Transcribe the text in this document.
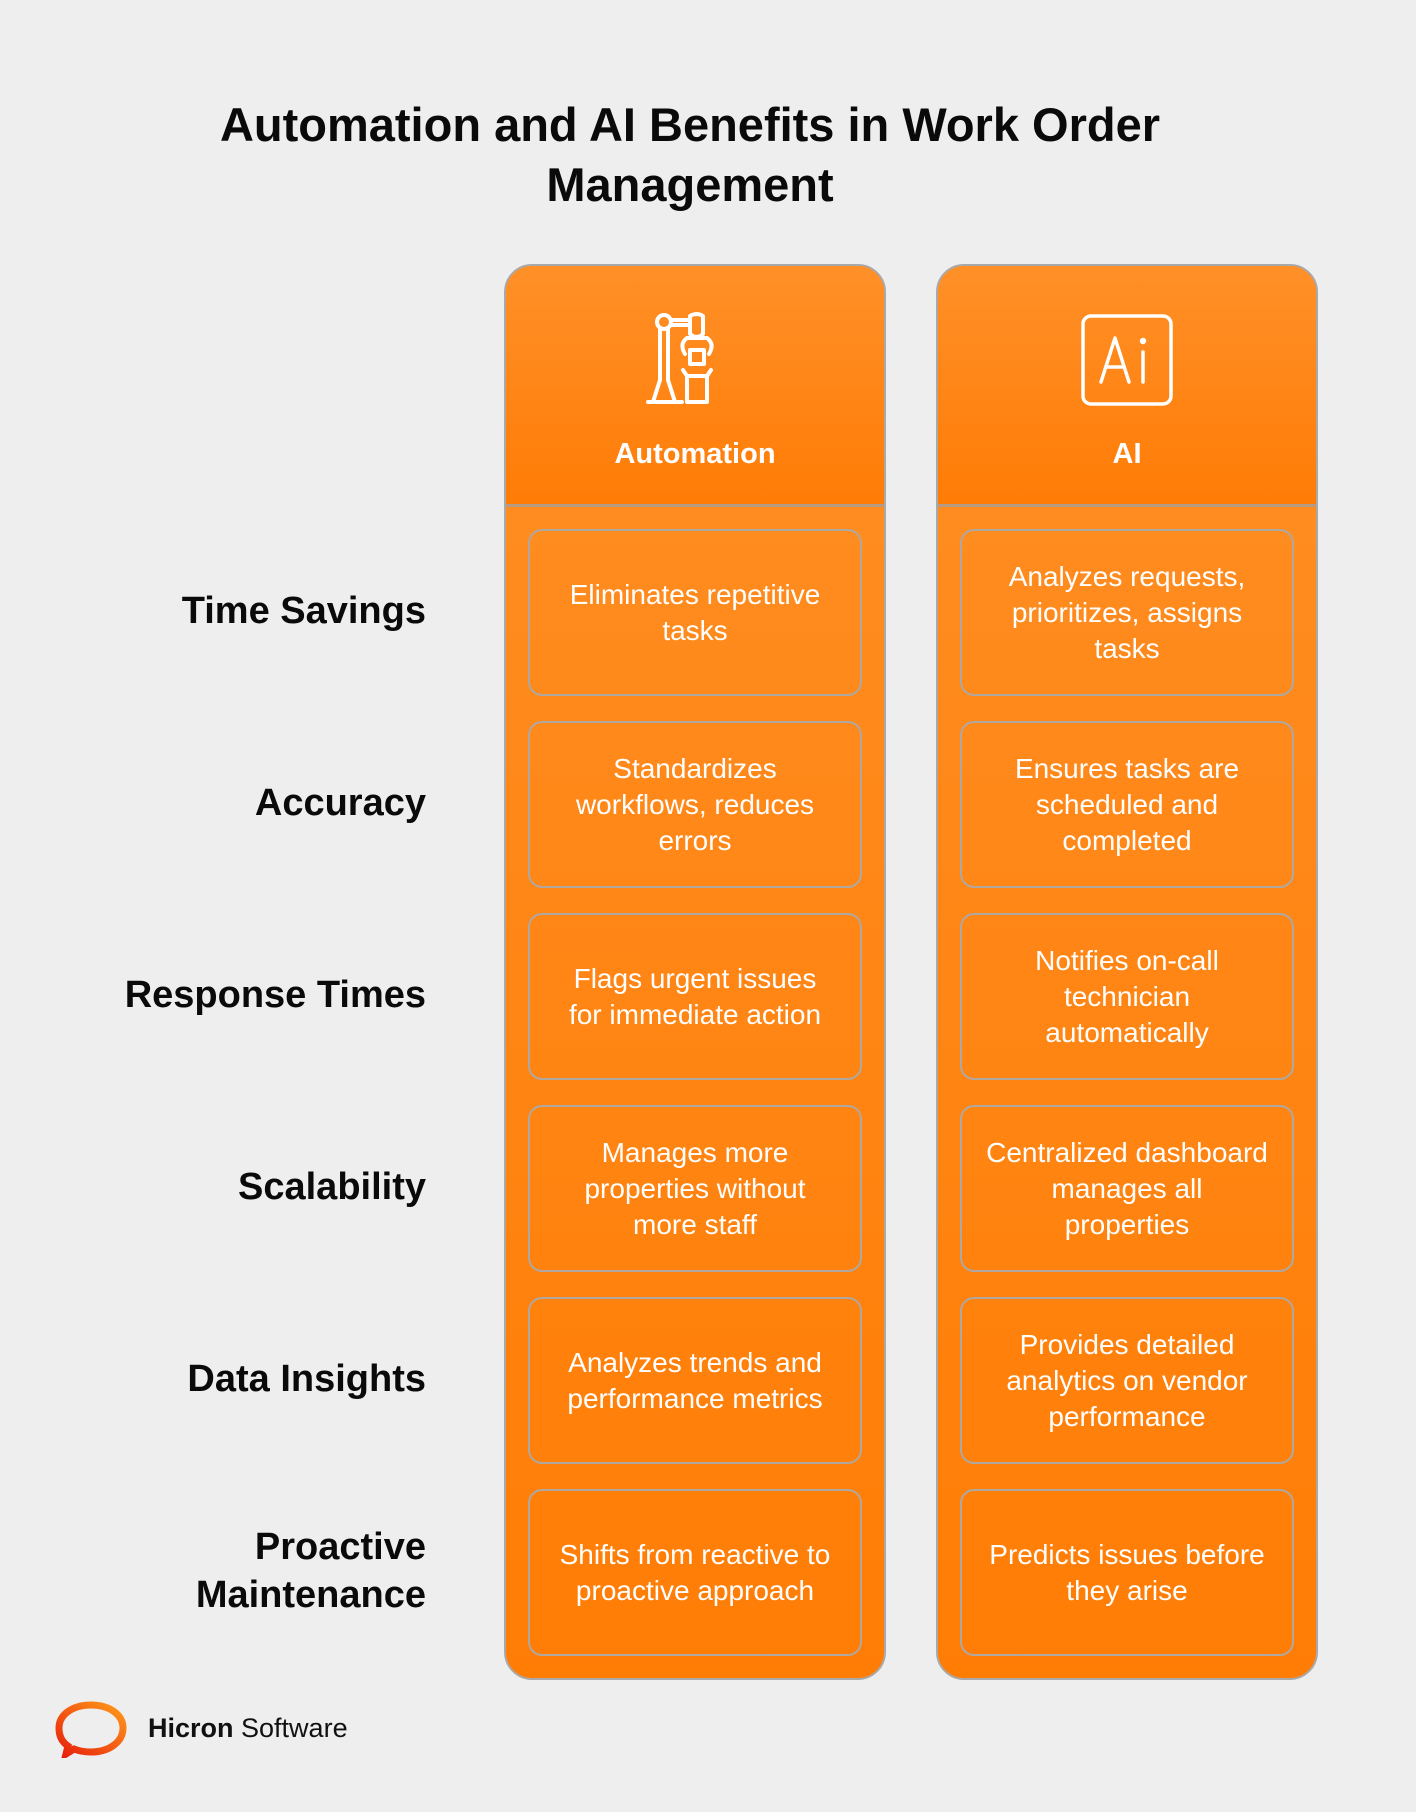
Automation and AI Benefits in Work Order
Management
Time Savings
Accuracy
Response Times
Scalability
Data Insights
Proactive Maintenance
Automation
Eliminates repetitive tasks
Standardizes workflows, reduces errors
Flags urgent issues for immediate action
Manages more properties without more staff
Analyzes trends and performance metrics
Shifts from reactive to proactive approach
AI
Analyzes requests, prioritizes, assigns tasks
Ensures tasks are scheduled and completed
Notifies on-call technician automatically
Centralized dashboard manages all properties
Provides detailed analytics on vendor performance
Predicts issues before they arise
Hicron Software
